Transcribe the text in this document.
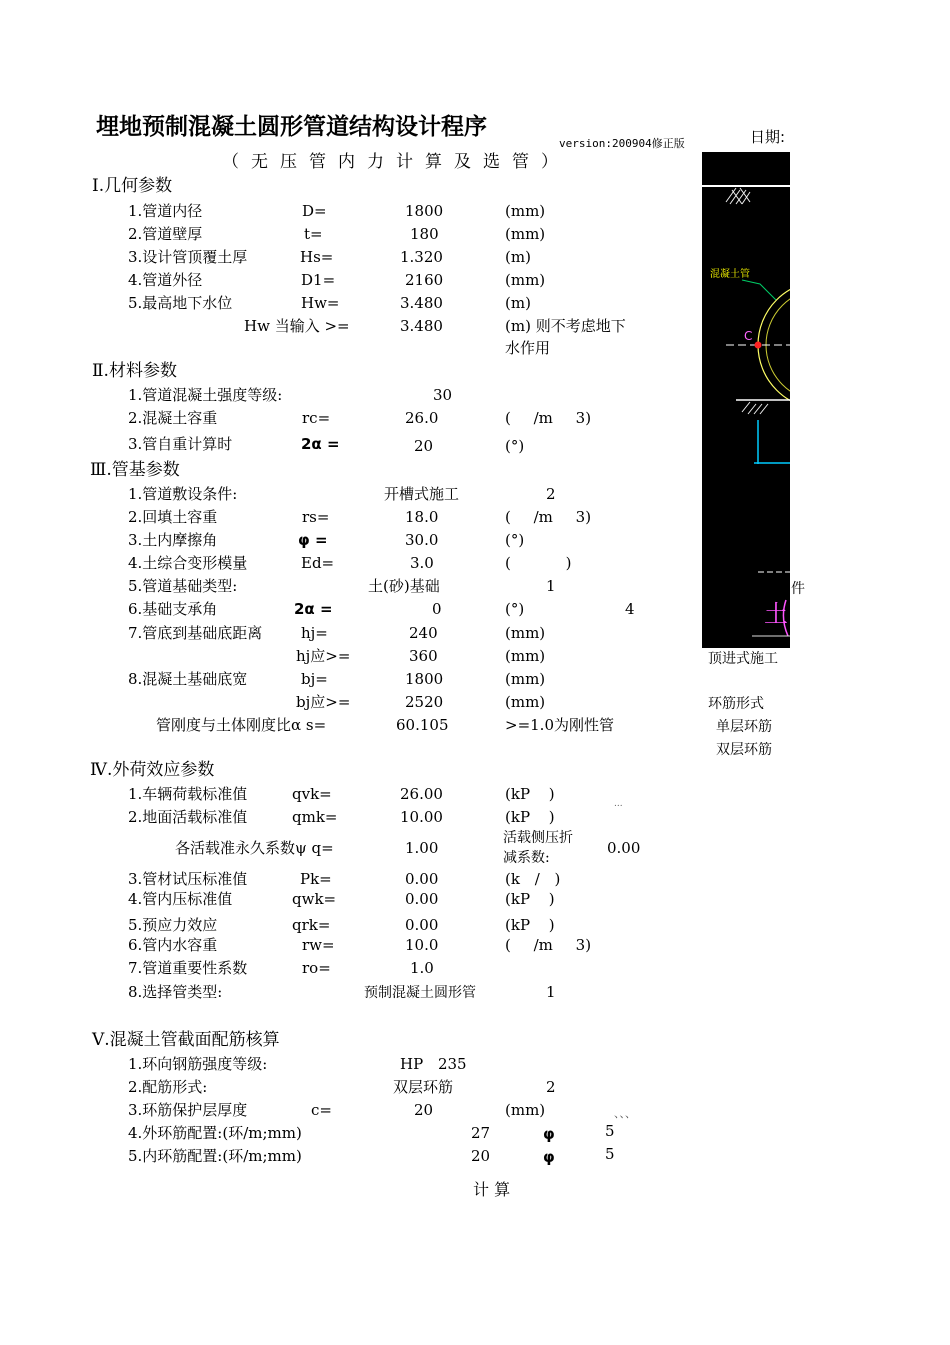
埋地预制混凝土圆形管道结构设计程序
version:200904修正版	日期:
（无压管内力计算及选管）
Ⅰ.几何参数
1.管道内径	D=	1800	(mm)
2.管道壁厚	t=	180	(mm)
3.设计管顶覆土厚	Hs=	1.320	(m)
4.管道外径	D1=	2160	(mm)
5.最高地下水位	Hw=	3.480	(m)
Hw 当输入 >=	3.480	(m) 则不考虑地下
水作用
Ⅱ.材料参数
1.管道混凝土强度等级:	30
2.混凝土容重	rc=	26.0	( /m 3)
3.管自重计算时	2α =	20	(°)
Ⅲ.管基参数
1.管道敷设条件:	开槽式施工	2
2.回填土容重	rs=	18.0	( /m 3)
3.土内摩擦角	φ =	30.0	(°)
4.土综合变形模量	Ed=	3.0	( )
5.管道基础类型:	土(砂)基础	1
6.基础支承角	2α =	0	(°)	4
7.管底到基础底距离	hj=	240	(mm)
hj应>=	360	(mm)
8.混凝土基础底宽	bj=	1800	(mm)
bj应>=	2520	(mm)
管刚度与土体刚度比α s=	60.105	>=1.0为刚性管
Ⅳ.外荷效应参数
1.车辆荷载标准值	qvk=	26.00	(kP )
2.地面活载标准值	qmk=	10.00	(kP )
各活载准永久系数ψ q=	1.00
活载侧压折
减系数:
0.00
3.管材试压标准值	Pk=	0.00	(k / )
4.管内压标准值	qwk=	0.00	(kP )
5.预应力效应	qrk=	0.00	(kP )
6.管内水容重	rw=	10.0	( /m 3)
7.管道重要性系数	ro=	1.0
8.选择管类型:	预制混凝土圆形管	1
Ⅴ.混凝土管截面配筋核算
1.环向钢筋强度等级:	HP 235
2.配筋形式:	双层环筋	2
3.环筋保护层厚度	c=	20	(mm)
4.外环筋配置:(环/m;mm)	27	φ	5
5.内环筋配置:(环/m;mm)	20	φ	5
计 算
混凝土管
C
土
件
顶进式施工
环筋形式
单层环筋
双层环筋
...
、、、
